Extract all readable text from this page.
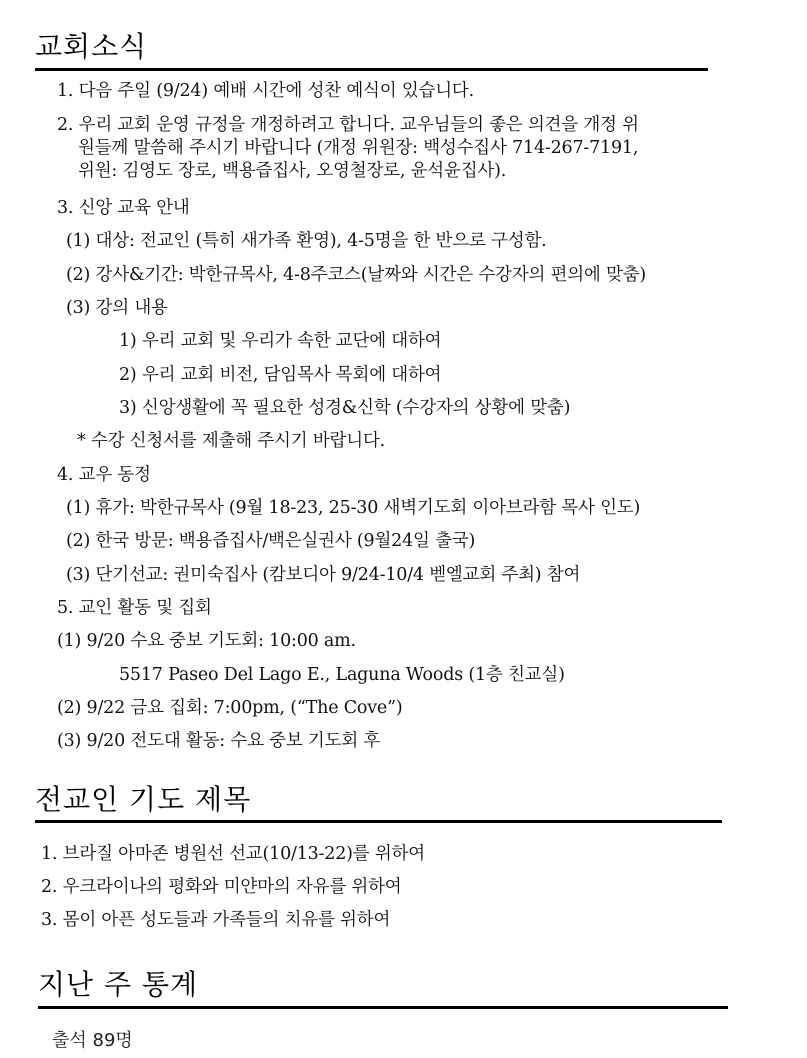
교회소식
1. 다음 주일 (9/24) 예배 시간에 성찬 예식이 있습니다.
2. 우리 교회 운영 규정을 개정하려고 합니다. 교우님들의 좋은 의견을 개정 위
원들께 말씀해 주시기 바랍니다 (개정 위원장: 백성수집사 714-267-7191,
위원: 김영도 장로, 백용즙집사, 오영철장로, 윤석윤집사).
3. 신앙 교육 안내
(1) 대상: 전교인 (특히 새가족 환영), 4-5명을 한 반으로 구성함.
(2) 강사&기간: 박한규목사, 4-8주코스(날짜와 시간은 수강자의 편의에 맞춤)
(3) 강의 내용
1) 우리 교회 및 우리가 속한 교단에 대하여
2) 우리 교회 비전, 담임목사 목회에 대하여
3) 신앙생활에 꼭 필요한 성경&신학 (수강자의 상황에 맞춤)
* 수강 신청서를 제출해 주시기 바랍니다.
4. 교우 동정
(1) 휴가: 박한규목사 (9월 18-23, 25-30 새벽기도회 이아브라함 목사 인도)
(2) 한국 방문: 백용즙집사/백은실권사 (9월24일 출국)
(3) 단기선교: 권미숙집사 (캄보디아 9/24-10/4 벧엘교회 주최) 참여
5. 교인 활동 및 집회
(1) 9/20 수요 중보 기도회: 10:00 am.
5517 Paseo Del Lago E., Laguna Woods (1층 친교실)
(2) 9/22 금요 집회: 7:00pm, (“The Cove”)
(3) 9/20 전도대 활동: 수요 중보 기도회 후
전교인 기도 제목
1. 브라질 아마존 병원선 선교(10/13-22)를 위하여
2. 우크라이나의 평화와 미얀마의 자유를 위하여
3. 몸이 아픈 성도들과 가족들의 치유를 위하여
지난 주 통계
출석 89명
